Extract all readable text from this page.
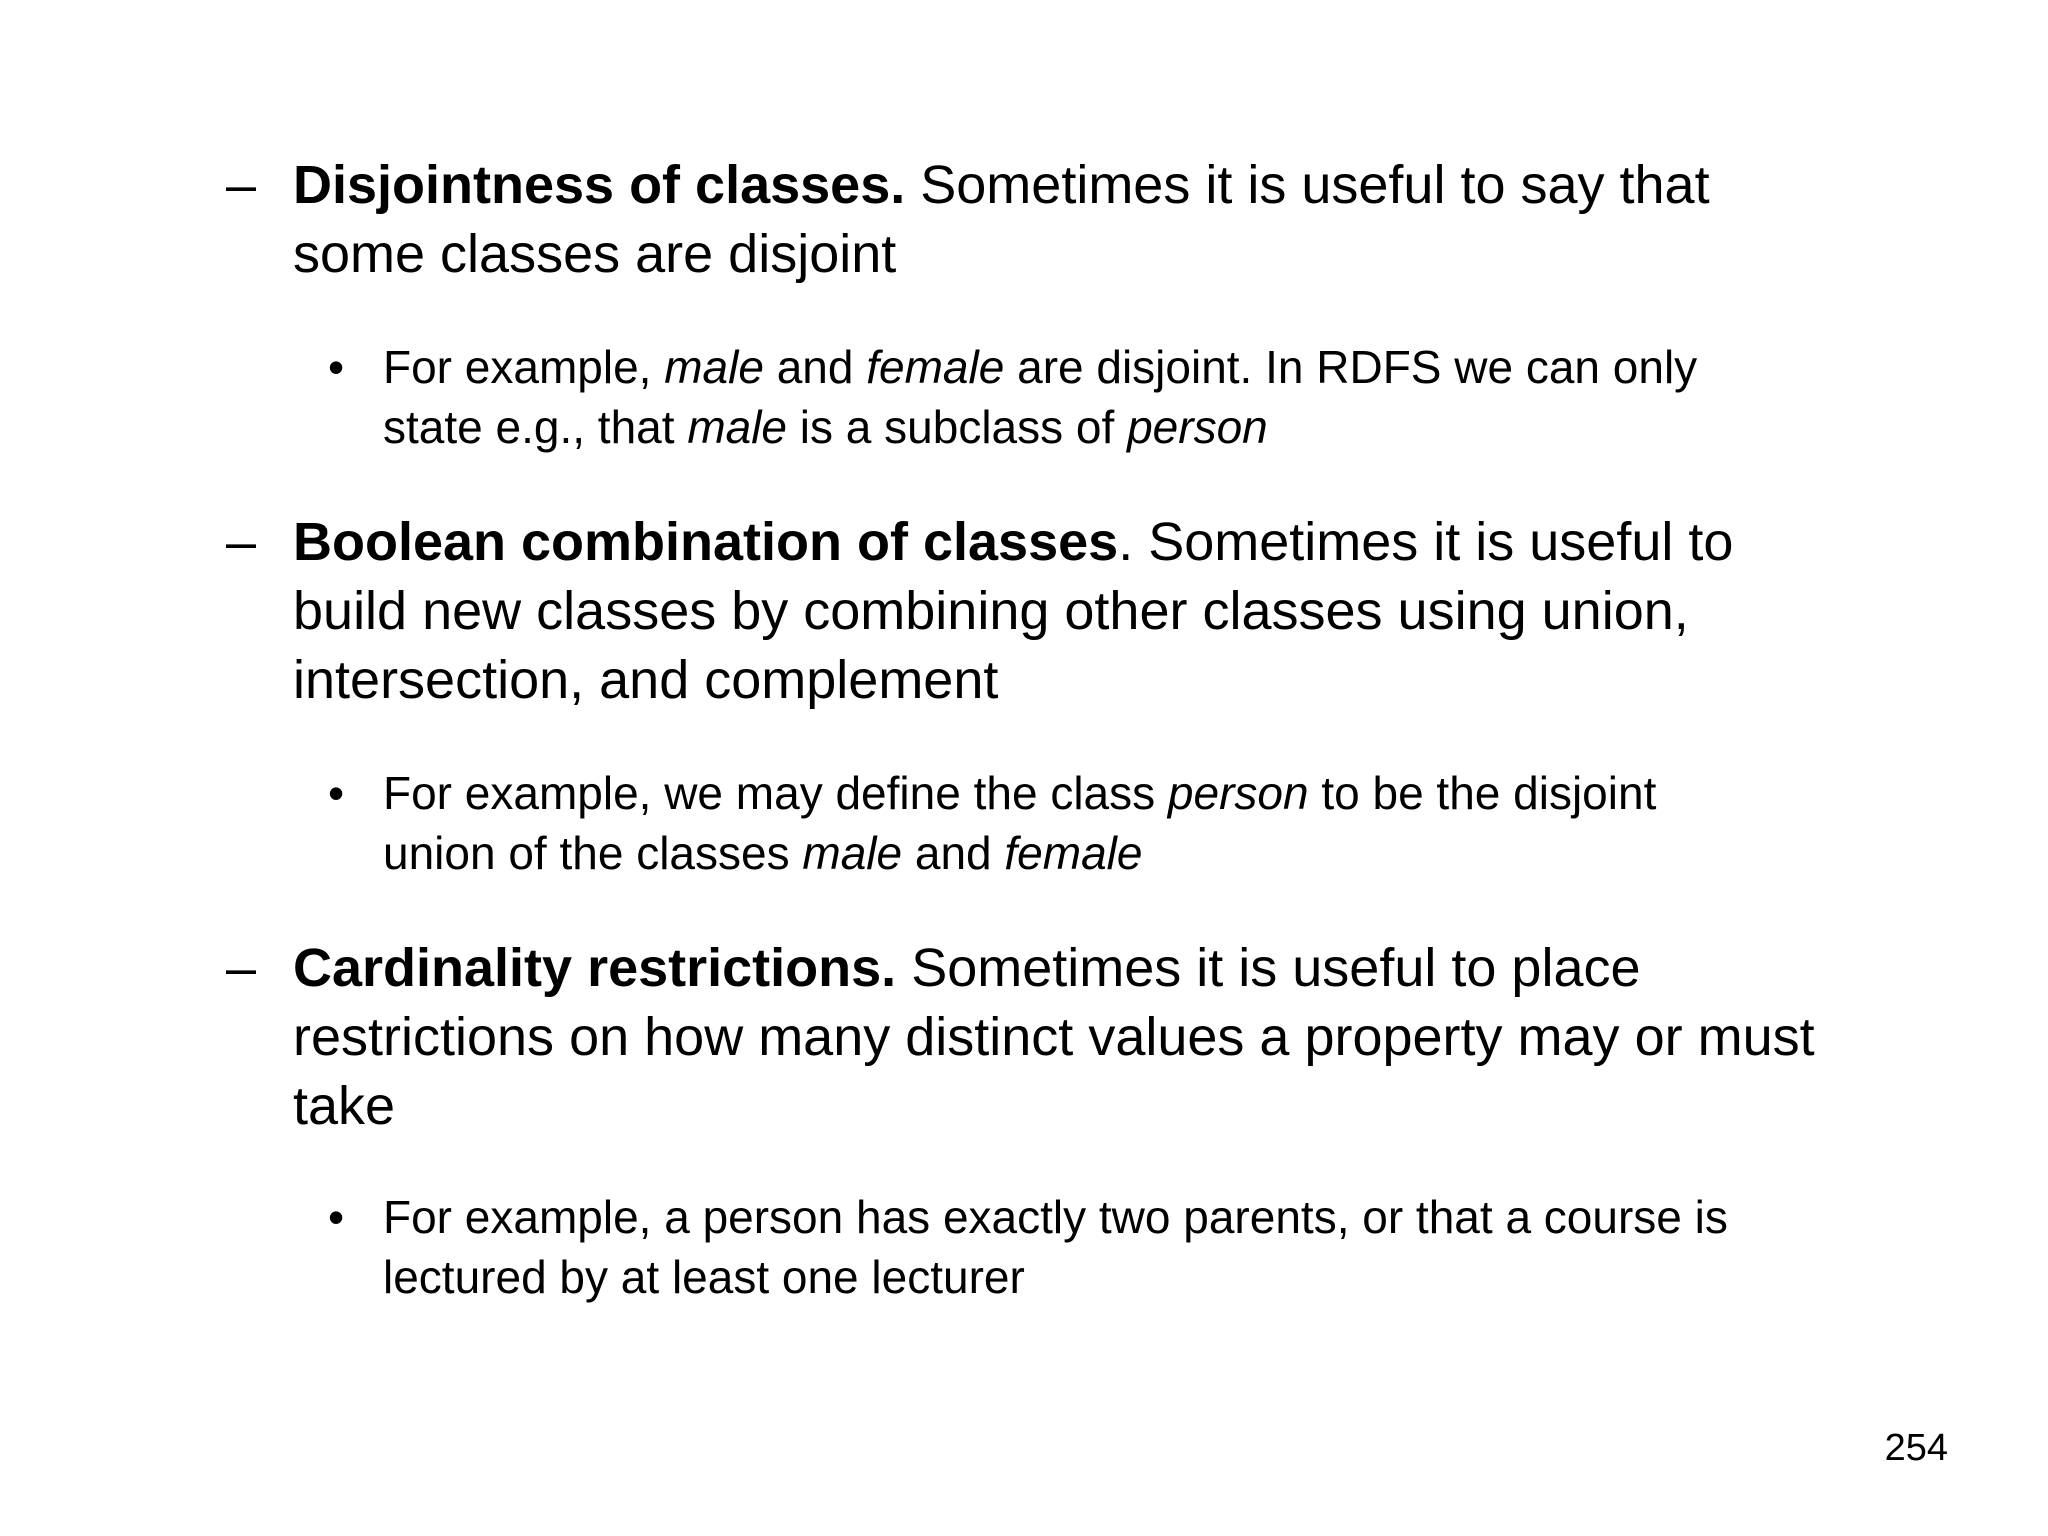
– Disjointness of classes. Sometimes it is useful to say that
some classes are disjoint
• For example, male and female are disjoint. In RDFS we can only
state e.g., that male is a subclass of person
– Boolean combination of classes. Sometimes it is useful to
build new classes by combining other classes using union,
intersection, and complement
• For example, we may define the class person to be the disjoint
union of the classes male and female
– Cardinality restrictions. Sometimes it is useful to place
restrictions on how many distinct values a property may or must
take
• For example, a person has exactly two parents, or that a course is
lectured by at least one lecturer
254
